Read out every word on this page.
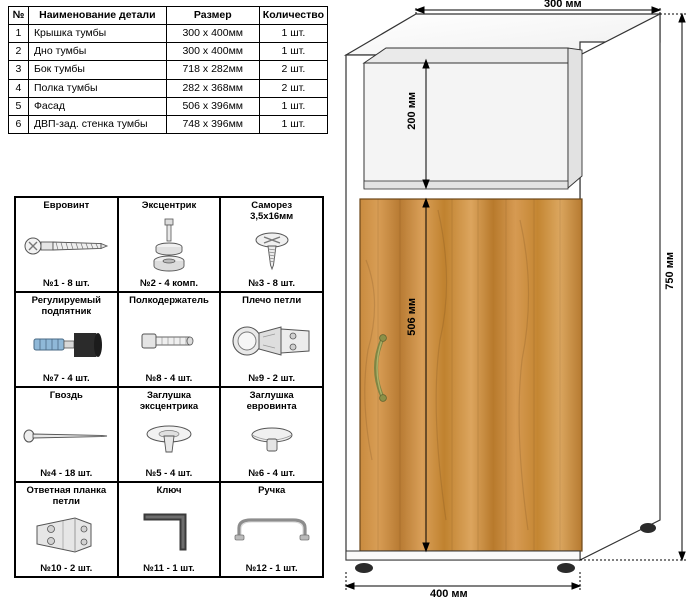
№	Наименование детали	Размер	Количество
1	Крышка тумбы	300 х 400мм	1 шт.
2	Дно тумбы	300 х 400мм	1 шт.
3	Бок тумбы	718 х 282мм	2 шт.
4	Полка тумбы	282 х 368мм	2 шт.
5	Фасад	506 х 396мм	1 шт.
6	ДВП-зад. стенка тумбы	748 х 396мм	1 шт.
Евровинт
№1 - 8 шт.
Эксцентрик
№2 - 4 комп.
Саморез
3,5х16мм
№3 - 8 шт.
Регулируемый
подпятник
№7 - 4 шт.
Полкодержатель
№8 - 4 шт.
Плечо петли
№9 - 2 шт.
Гвоздь
№4 - 18 шт.
Заглушка
эксцентрика
№5 - 4 шт.
Заглушка
еврoвинта
№6 - 4 шт.
Ответная планка
петли
№10 - 2 шт.
Ключ
№11 - 1 шт.
Ручка
№12 - 1 шт.
300 мм
200 мм
506 мм
750 мм
400 мм
